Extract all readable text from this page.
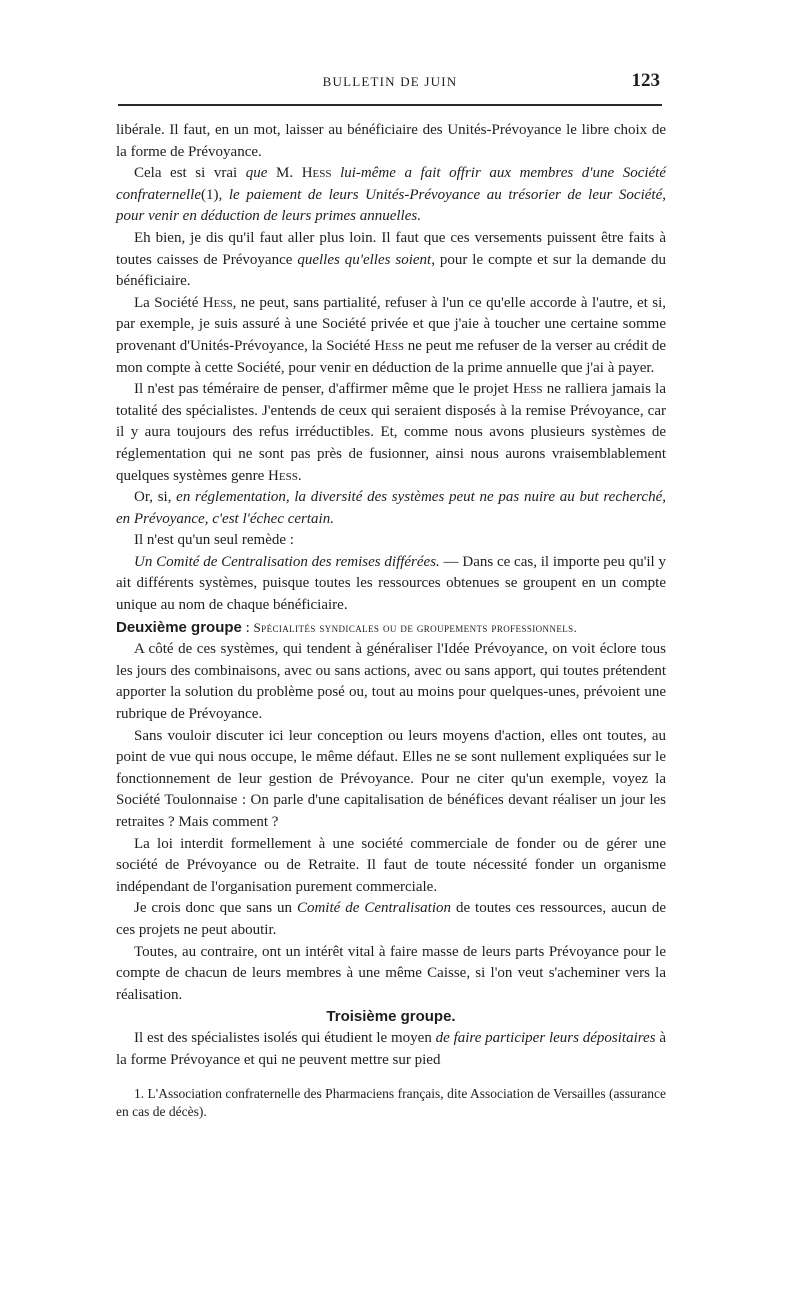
BULLETIN DE JUIN	123

libérale. Il faut, en un mot, laisser au bénéficiaire des Unités-Prévoyance le libre choix de la forme de Prévoyance.

Cela est si vrai que M. Hess lui-même a fait offrir aux membres d'une Société confraternelle(1), le paiement de leurs Unités-Prévoyance au trésorier de leur Société, pour venir en déduction de leurs primes annuelles.

Eh bien, je dis qu'il faut aller plus loin. Il faut que ces versements puissent être faits à toutes caisses de Prévoyance quelles qu'elles soient, pour le compte et sur la demande du bénéficiaire.

La Société Hess, ne peut, sans partialité, refuser à l'un ce qu'elle accorde à l'autre, et si, par exemple, je suis assuré à une Société privée et que j'aie à toucher une certaine somme provenant d'Unités-Prévoyance, la Société Hess ne peut me refuser de la verser au crédit de mon compte à cette Société, pour venir en déduction de la prime annuelle que j'ai à payer.

Il n'est pas téméraire de penser, d'affirmer même que le projet Hess ne ralliera jamais la totalité des spécialistes. J'entends de ceux qui seraient disposés à la remise Prévoyance, car il y aura toujours des refus irréductibles. Et, comme nous avons plusieurs systèmes de réglementation qui ne sont pas près de fusionner, ainsi nous aurons vraisemblablement quelques systèmes genre Hess.

Or, si, en réglementation, la diversité des systèmes peut ne pas nuire au but recherché, en Prévoyance, c'est l'échec certain.

Il n'est qu'un seul remède :

Un Comité de Centralisation des remises différées. — Dans ce cas, il importe peu qu'il y ait différents systèmes, puisque toutes les ressources obtenues se groupent en un compte unique au nom de chaque bénéficiaire.

Deuxième groupe : Spécialités syndicales ou de groupements professionnels.

A côté de ces systèmes, qui tendent à généraliser l'Idée Prévoyance, on voit éclore tous les jours des combinaisons, avec ou sans actions, avec ou sans apport, qui toutes prétendent apporter la solution du problème posé ou, tout au moins pour quelques-unes, prévoient une rubrique de Prévoyance.

Sans vouloir discuter ici leur conception ou leurs moyens d'action, elles ont toutes, au point de vue qui nous occupe, le même défaut. Elles ne se sont nullement expliquées sur le fonctionnement de leur gestion de Prévoyance. Pour ne citer qu'un exemple, voyez la Société Toulonnaise : On parle d'une capitalisation de bénéfices devant réaliser un jour les retraites ? Mais comment ?

La loi interdit formellement à une société commerciale de fonder ou de gérer une société de Prévoyance ou de Retraite. Il faut de toute nécessité fonder un organisme indépendant de l'organisation purement commerciale.

Je crois donc que sans un Comité de Centralisation de toutes ces ressources, aucun de ces projets ne peut aboutir.

Toutes, au contraire, ont un intérêt vital à faire masse de leurs parts Prévoyance pour le compte de chacun de leurs membres à une même Caisse, si l'on veut s'acheminer vers la réalisation.

Troisième groupe.

Il est des spécialistes isolés qui étudient le moyen de faire participer leurs dépositaires à la forme Prévoyance et qui ne peuvent mettre sur pied

1. L'Association confraternelle des Pharmaciens français, dite Association de Versailles (assurance en cas de décès).
